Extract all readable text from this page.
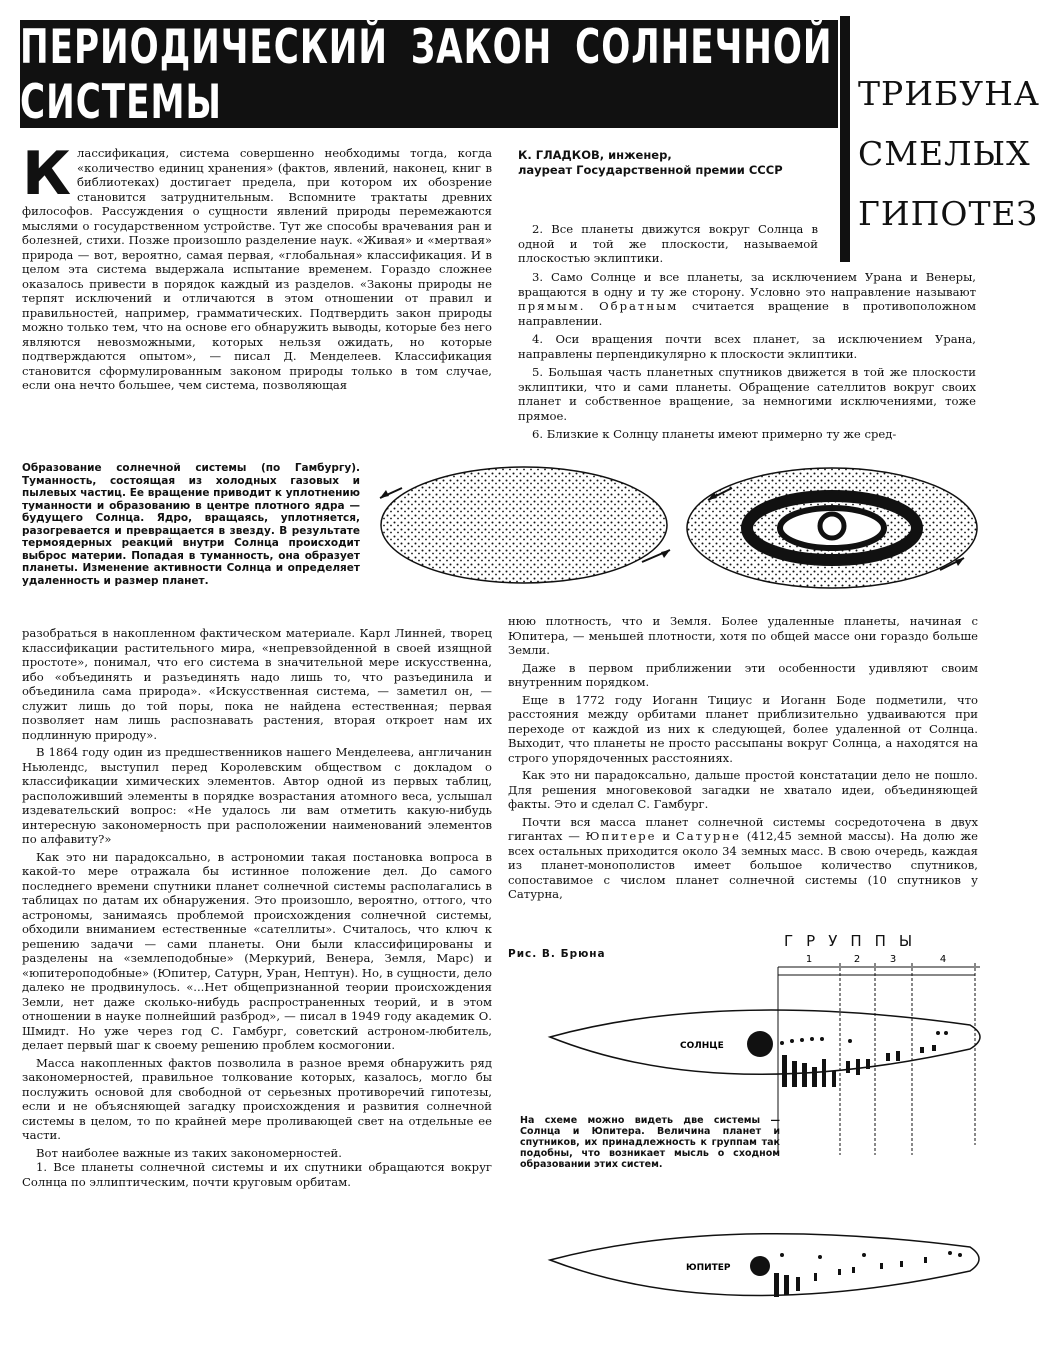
ПЕРИОДИЧЕСКИЙ ЗАКОН СОЛНЕЧНОЙ СИСТЕМЫ	ТРИБУНА
СМЕЛЫХ
ГИПОТЕЗ
К лассификация, система совершенно необходимы тогда, когда «количество единиц хранения» (фактов, явлений, наконец, книг в библиотеках) достигает предела, при котором их обозрение становится затруднительным. Вспомните трактаты древних философов. Рассуждения о сущности явлений природы перемежаются мыслями о государственном устройстве. Тут же способы врачевания ран и болезней, стихи. Позже произошло разделение наук. «Живая» и «мертвая» природа — вот, вероятно, самая первая, «глобальная» классификация. И в целом эта система выдержала испытание временем. Гораздо сложнее оказалось привести в порядок каждый из разделов. «Законы природы не терпят исключений и отличаются в этом отношении от правил и правильностей, например, грамматических. Подтвердить закон природы можно только тем, что на основе его обнаружить выводы, которые без него являются невозможными, которых нельзя ожидать, но которые подтверждаются опытом», — писал Д. Менделеев. Классификация становится сформулированным законом природы только в том случае, если она нечто большее, чем система, позволяющая
К. ГЛАДКОВ, инженер,
лауреат Государственной премии СССР

2. Все планеты движутся вокруг Солнца в одной и той же плоскости, называемой плоскостью эклиптики.

3. Само Солнце и все планеты, за исключением Урана и Венеры, вращаются в одну и ту же сторону. Условно это направление называют прямым. Обратным считается вращение в противоположном направлении.

4. Оси вращения почти всех планет, за исключением Урана, направлены перпендикулярно к плоскости эклиптики.

5. Большая часть планетных спутников движется в той же плоскости эклиптики, что и сами планеты. Обращение сателлитов вокруг своих планет и собственное вращение, за немногими исключениями, тоже прямое.

6. Близкие к Солнцу планеты имеют примерно ту же сред-

Образование солнечной системы (по Гамбургу). Туманность, состоящая из холодных газовых и пылевых частиц. Ее вращение приводит к уплотнению туманности и образованию в центре плотного ядра — будущего Солнца. Ядро, вращаясь, уплотняется, разогревается и превращается в звезду. В результате термоядерных реакций внутри Солнца происходит выброс материи. Попадая в туманность, она образует планеты. Изменение активности Солнца и определяет удаленность и размер планет.

разобраться в накопленном фактическом материале. Карл Линней, творец классификации растительного мира, «непревзойденной в своей изящной простоте», понимал, что его система в значительной мере искусственна, ибо «объединять и разъединять надо лишь то, что разъединила и объединила сама природа». «Искусственная система, — заметил он, — служит лишь до той поры, пока не найдена естественная; первая позволяет нам лишь распознавать растения, вторая откроет нам их подлинную природу».

В 1864 году один из предшественников нашего Менделеева, англичанин Ньюлендс, выступил перед Королевским обществом с докладом о классификации химических элементов. Автор одной из первых таблиц, расположивший элементы в порядке возрастания атомного веса, услышал издевательский вопрос: «Не удалось ли вам отметить какую-нибудь интересную закономерность при расположении наименований элементов по алфавиту?»

Как это ни парадоксально, в астрономии такая постановка вопроса в какой-то мере отражала бы истинное положение дел. До самого последнего времени спутники планет солнечной системы располагались в таблицах по датам их обнаружения. Это произошло, вероятно, оттого, что астрономы, занимаясь проблемой происхождения солнечной системы, обходили вниманием естественные «сателлиты». Считалось, что ключ к решению задачи — сами планеты. Они были классифицированы и разделены на «землеподобные» (Меркурий, Венера, Земля, Марс) и «юпитероподобные» (Юпитер, Сатурн, Уран, Нептун). Но, в сущности, дело далеко не продвинулось. «...Нет общепризнанной теории происхождения Земли, нет даже сколько-нибудь распространенных теорий, и в этом отношении в науке полнейший разброд», — писал в 1949 году академик О. Шмидт. Но уже через год С. Гамбург, советский астроном-любитель, делает первый шаг к своему решению проблем космогонии.

Масса накопленных фактов позволила в разное время обнаружить ряд закономерностей, правильное толкование которых, казалось, могло бы послужить основой для свободной от серьезных противоречий гипотезы, если и не объясняющей загадку происхождения и развития солнечной системы в целом, то по крайней мере проливающей свет на отдельные ее части.

Вот наиболее важные из таких закономерностей.

1. Все планеты солнечной системы и их спутники обращаются вокруг Солнца по эллиптическим, почти круговым орбитам.

нюю плотность, что и Земля. Более удаленные планеты, начиная с Юпитера, — меньшей плотности, хотя по общей массе они гораздо больше Земли.

Даже в первом приближении эти особенности удивляют своим внутренним порядком.

Еще в 1772 году Иоганн Тициус и Иоганн Боде подметили, что расстояния между орбитами планет приблизительно удваиваются при переходе от каждой из них к следующей, более удаленной от Солнца. Выходит, что планеты не просто рассыпаны вокруг Солнца, а находятся на строго упорядоченных расстояниях.

Как это ни парадоксально, дальше простой констатации дело не пошло. Для решения многовековой загадки не хватало идеи, объединяющей факты. Это и сделал С. Гамбург.

Почти вся масса планет солнечной системы сосредоточена в двух гигантах — Юпитере и Сатурне (412,45 земной массы). На долю же всех остальных приходится около 34 земных масс. В свою очередь, каждая из планет-монополистов имеет большое количество спутников, сопоставимое с числом планет солнечной системы (10 спутников у Сатурна,

Рис. В. Брюна
ГРУППЫ
1	2	3	4
СОЛНЦЕ
На схеме можно видеть две системы — Солнца и Юпитера. Величина планет и спутников, их принадлежность к группам так подобны, что возникает мысль о сходном образовании этих систем.
ЮПИТЕР
